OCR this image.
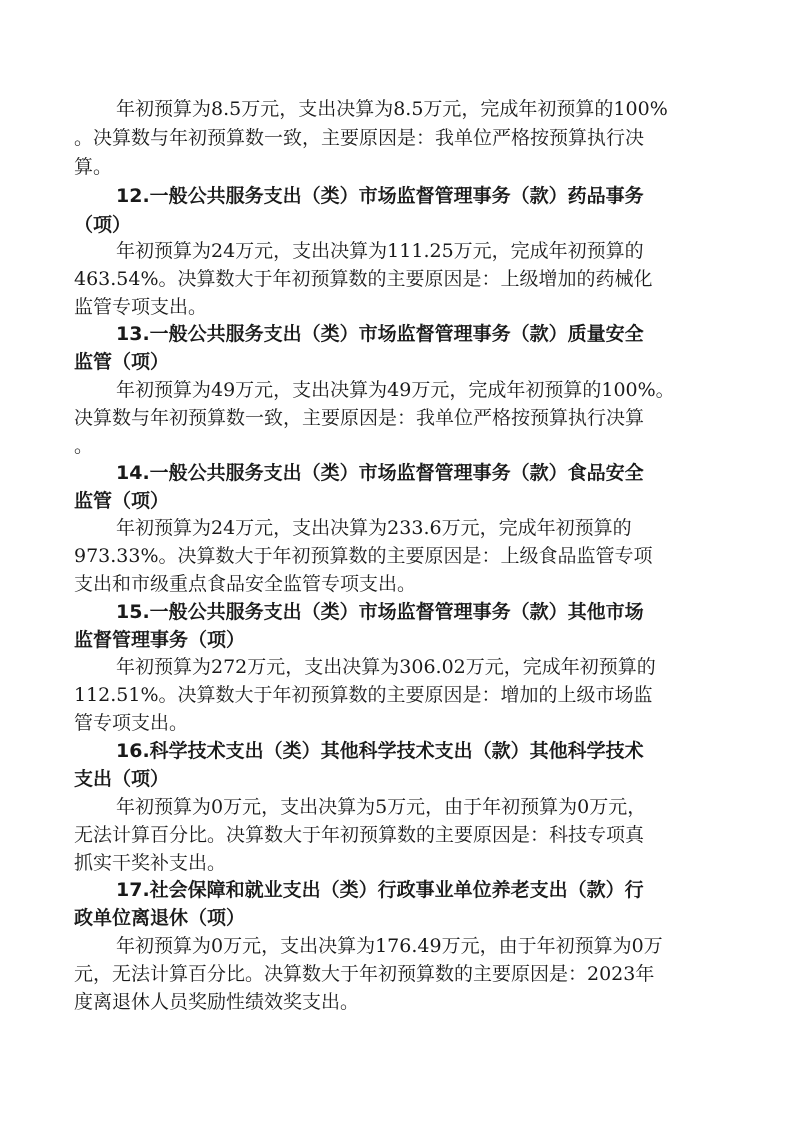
年初预算为8.5万元，支出决算为8.5万元，完成年初预算的100%
。决算数与年初预算数一致，主要原因是：我单位严格按预算执行决
算。
12.一般公共服务支出（类）市场监督管理事务（款）药品事务
（项）
年初预算为24万元，支出决算为111.25万元，完成年初预算的
463.54%。决算数大于年初预算数的主要原因是：上级增加的药械化
监管专项支出。
13.一般公共服务支出（类）市场监督管理事务（款）质量安全
监管（项）
年初预算为49万元，支出决算为49万元，完成年初预算的100%。
决算数与年初预算数一致，主要原因是：我单位严格按预算执行决算
。
14.一般公共服务支出（类）市场监督管理事务（款）食品安全
监管（项）
年初预算为24万元，支出决算为233.6万元，完成年初预算的
973.33%。决算数大于年初预算数的主要原因是：上级食品监管专项
支出和市级重点食品安全监管专项支出。
15.一般公共服务支出（类）市场监督管理事务（款）其他市场
监督管理事务（项）
年初预算为272万元，支出决算为306.02万元，完成年初预算的
112.51%。决算数大于年初预算数的主要原因是：增加的上级市场监
管专项支出。
16.科学技术支出（类）其他科学技术支出（款）其他科学技术
支出（项）
年初预算为0万元，支出决算为5万元，由于年初预算为0万元，
无法计算百分比。决算数大于年初预算数的主要原因是：科技专项真
抓实干奖补支出。
17.社会保障和就业支出（类）行政事业单位养老支出（款）行
政单位离退休（项）
年初预算为0万元，支出决算为176.49万元，由于年初预算为0万
元，无法计算百分比。决算数大于年初预算数的主要原因是：2023年
度离退休人员奖励性绩效奖支出。
